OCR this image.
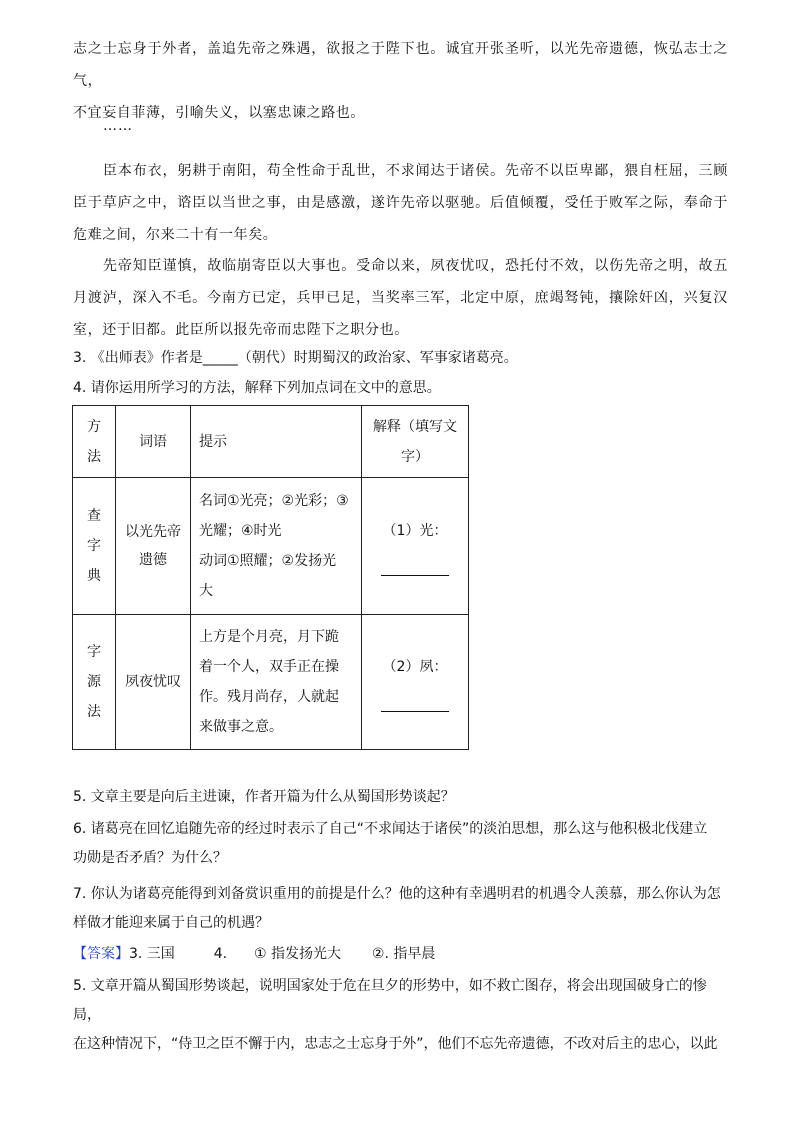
志之士忘身于外者，盖追先帝之殊遇，欲报之于陛下也。诚宜开张圣听，以光先帝遗德，恢弘志士之气，

不宜妄自菲薄，引喻失义，以塞忠谏之路也。

……

臣本布衣，躬耕于南阳，苟全性命于乱世，不求闻达于诸侯。先帝不以臣卑鄙，猥自枉屈，三顾臣于草庐之中，谘臣以当世之事，由是感激，遂许先帝以驱驰。后值倾覆，受任于败军之际，奉命于危难之间，尔来二十有一年矣。

先帝知臣谨慎，故临崩寄臣以大事也。受命以来，夙夜忧叹，恐托付不效，以伤先帝之明，故五月渡泸，深入不毛。今南方已定，兵甲已足，当奖率三军，北定中原，庶竭驽钝，攘除奸凶，兴复汉室，还于旧都。此臣所以报先帝而忠陛下之职分也。

3. 《出师表》作者是_____（朝代）时期蜀汉的政治家、军事家诸葛亮。
4. 请你运用所学习的方法，解释下列加点词在文中的意思。
方法	词语	提示	解释（填写文字）

查字典	以光先帝遗德	名词①光亮；②光彩；③
光耀；④时光
动词①照耀；②发扬光
大	（1）光：

字源法	夙夜忧叹	上方是个月亮，月下跪
着一个人，双手正在操
作。残月尚存，人就起
来做事之意。	（2）夙：
5. 文章主要是向后主进谏，作者开篇为什么从蜀国形势谈起？
6. 诸葛亮在回忆追随先帝的经过时表示了自己“不求闻达于诸侯”的淡泊思想，那么这与他积极北伐建立
功勋是否矛盾？为什么？
7. 你认为诸葛亮能得到刘备赏识重用的前提是什么？他的这种有幸遇明君的机遇令人羡慕，那么你认为怎
样做才能迎来属于自己的机遇？
【答案】3. 三国	4. ① 指发扬光大 ②. 指早晨
5. 文章开篇从蜀国形势谈起，说明国家处于危在旦夕的形势中，如不救亡图存，将会出现国破身亡的惨局，
在这种情况下，“侍卫之臣不懈于内，忠志之士忘身于外”，他们不忘先帝遗德，不改对后主的忠心，以此
